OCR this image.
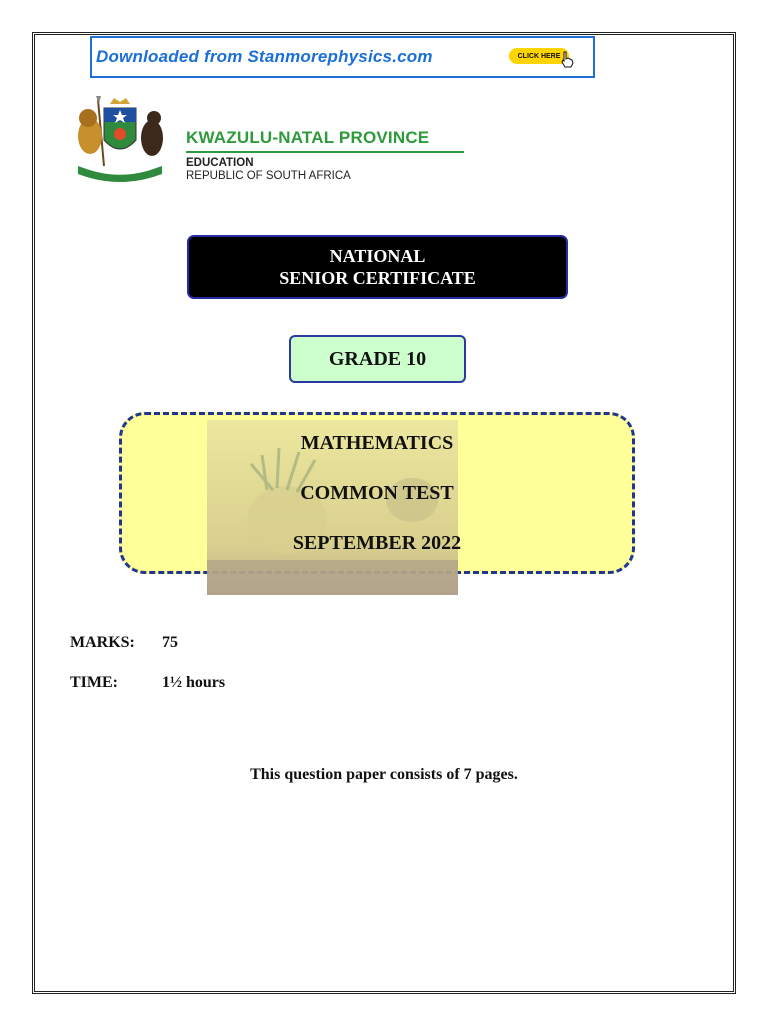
Downloaded from Stanmorephysics.com	CLICK HERE
KWAZULU-NATAL PROVINCE
EDUCATION
REPUBLIC OF SOUTH AFRICA
NATIONAL
SENIOR CERTIFICATE
GRADE 10
MATHEMATICS
COMMON TEST
SEPTEMBER 2022
MARKS: 75
TIME:	1½ hours
This question paper consists of 7 pages.
